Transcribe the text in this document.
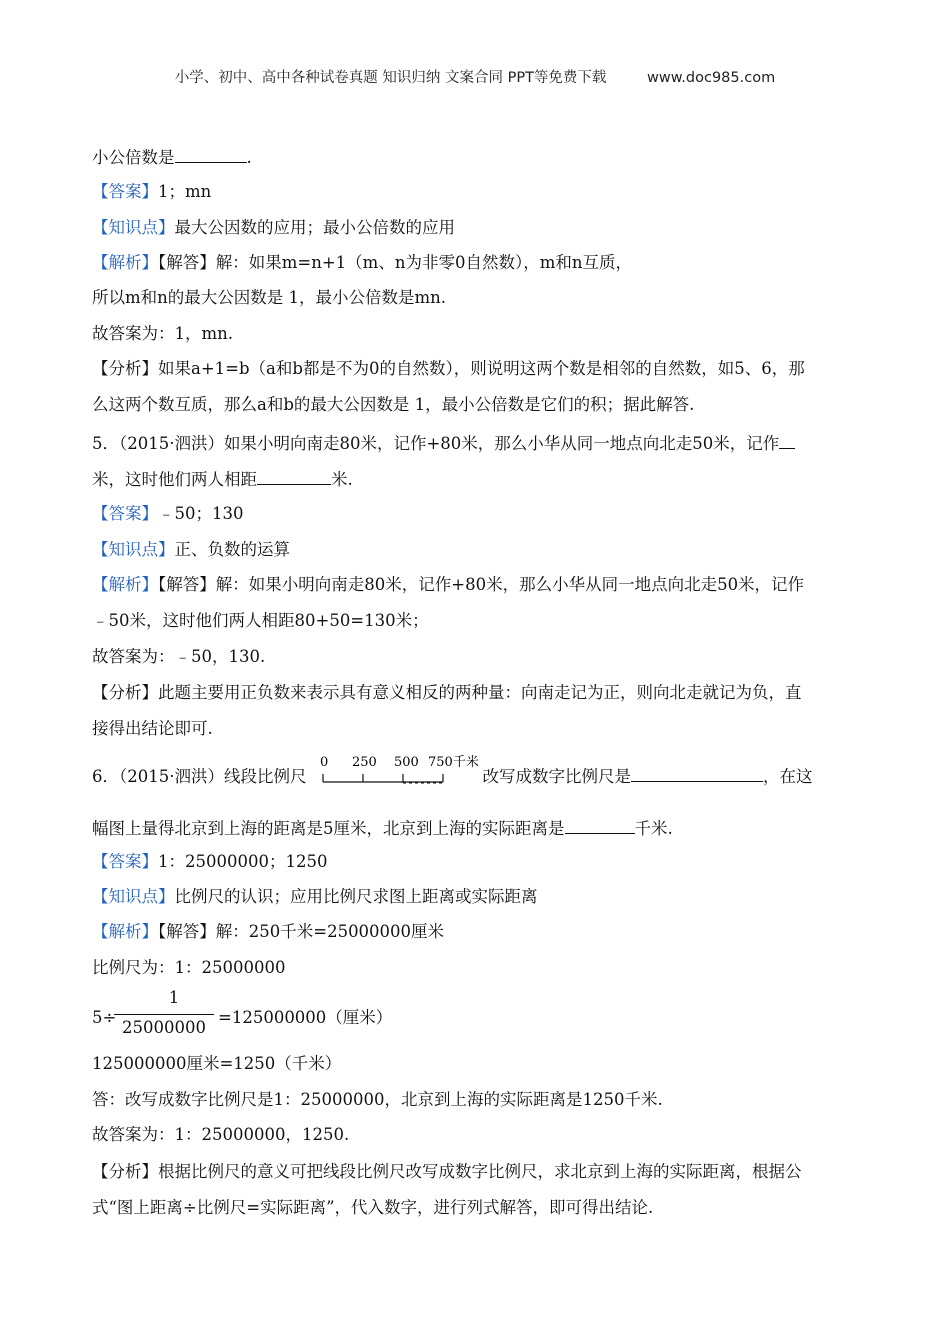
小学、初中、高中各种试卷真题 知识归纳 文案合同 PPT等免费下载	www.doc985.com
小公倍数是	.
【答案】1；mn
【知识点】最大公因数的应用；最小公倍数的应用
【解析】【解答】解：如果m=n+1（m、n为非零0自然数），m和n互质，
所以m和n的最大公因数是 1，最小公倍数是mn.
故答案为：1，mn.
【分析】如果a+1=b（a和b都是不为0的自然数），则说明这两个数是相邻的自然数，如5、6，那
么这两个数互质，那么a和b的最大公因数是 1，最小公倍数是它们的积；据此解答.
5．（2015·泗洪）如果小明向南走80米，记作+80米，那么小华从同一地点向北走50米，记作
米，这时他们两人相距	米.
【答案】﹣50；130
【知识点】正、负数的运算
【解析】【解答】解：如果小明向南走80米，记作+80米，那么小华从同一地点向北走50米，记作
﹣50米，这时他们两人相距80+50=130米；
故答案为：﹣50，130.
【分析】此题主要用正负数来表示具有意义相反的两种量：向南走记为正，则向北走就记为负，直
接得出结论即可.
6．（2015·泗洪）线段比例尺	改写成数字比例尺是	，在这
0 250 500 750千米
幅图上量得北京到上海的距离是5厘米，北京到上海的实际距离是	千米.
【答案】1：25000000；1250
【知识点】比例尺的认识；应用比例尺求图上距离或实际距离
【解析】【解答】解：250千米=25000000厘米
比例尺为：1：25000000
5÷
1
25000000
=125000000（厘米）
125000000厘米=1250（千米）
答：改写成数字比例尺是1：25000000，北京到上海的实际距离是1250千米.
故答案为：1：25000000，1250.
【分析】根据比例尺的意义可把线段比例尺改写成数字比例尺，求北京到上海的实际距离，根据公
式“图上距离÷比例尺=实际距离”，代入数字，进行列式解答，即可得出结论.
